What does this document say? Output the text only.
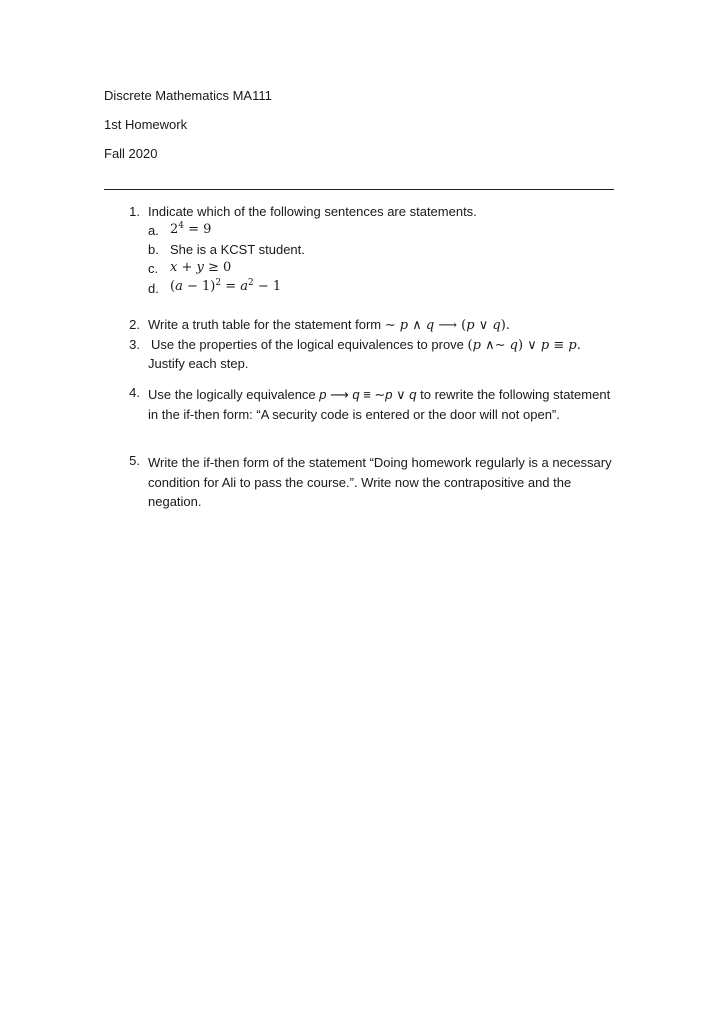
Discrete Mathematics MA111
1st Homework
Fall 2020
1. Indicate which of the following sentences are statements.
a. $2^4 = 9$
b. She is a KCST student.
c. x + y ≥ 0
d. $(a - 1)^2 = a^2 - 1$
2. Write a truth table for the statement form ∼ p ∧ q ⟶ (p ∨ q).
3. Use the properties of the logical equivalences to prove (p ∧∼ q) ∨ p ≡ p.
Justify each step.
4. Use the logically equivalence p ⟶ q ≡ ∼p ∨ q to rewrite the following statement in the if-then form: “A security code is entered or the door will not open”.
5. Write the if-then form of the statement “Doing homework regularly is a necessary condition for Ali to pass the course.”. Write now the contrapositive and the negation.
